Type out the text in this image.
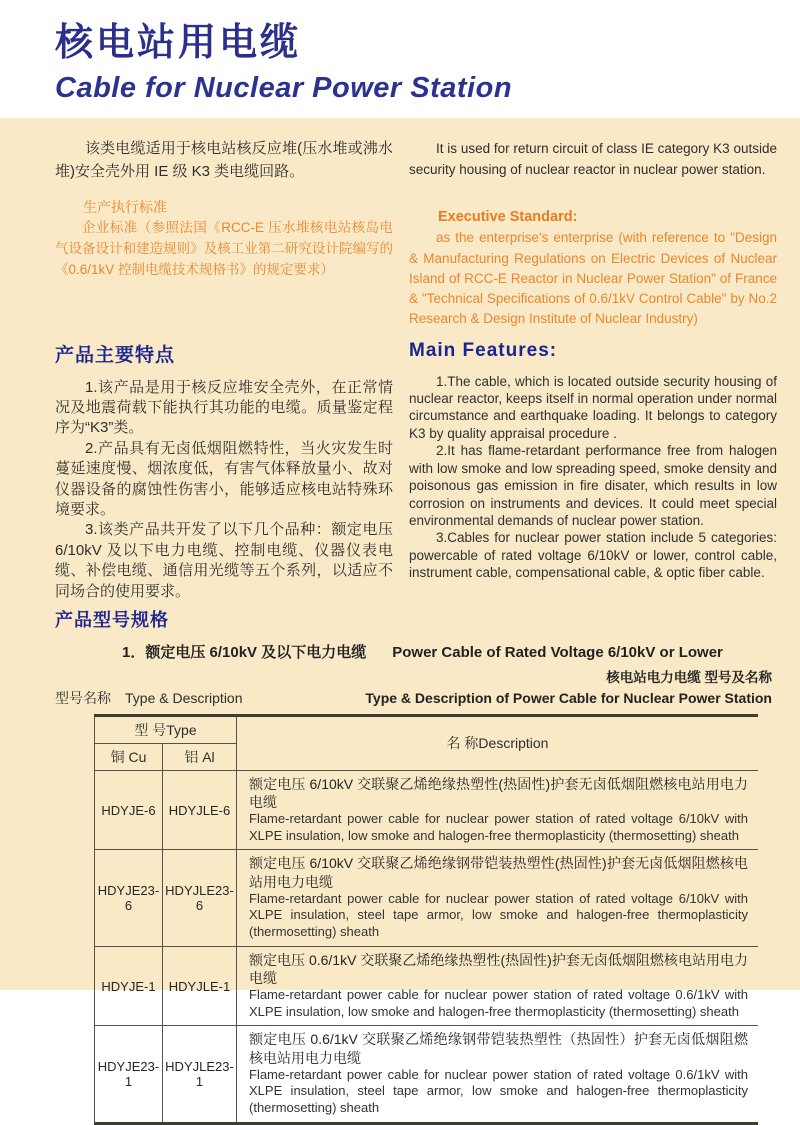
核电站用电缆
Cable for Nuclear Power Station

该类电缆适用于核电站核反应堆(压水堆或沸水堆)安全壳外用 IE 级 K3 类电缆回路。

生产执行标准

企业标准（参照法国《RCC-E 压水堆核电站核岛电气设备设计和建造规则》及核工业第二研究设计院编写的《0.6/1kV 控制电缆技术规格书》的规定要求）

It is used for return circuit of class IE category K3 outside security housing of nuclear reactor in nuclear power station.

Executive Standard:

as the enterprise's enterprise (with reference to "Design & Manufacturing Regulations on Electric Devices of Nuclear Island of RCC-E Reactor in Nuclear Power Station" of France & "Technical Specifications of 0.6/1kV Control Cable" by No.2 Research & Design Institute of Nuclear Industry)

产品主要特点

1.该产品是用于核反应堆安全壳外，在正常情况及地震荷载下能执行其功能的电缆。质量鉴定程序为“K3”类。

2.产品具有无卤低烟阻燃特性，当火灾发生时蔓延速度慢、烟浓度低，有害气体释放量小、故对仪器设备的腐蚀性伤害小，能够适应核电站特殊环境要求。

3.该类产品共开发了以下几个品种：额定电压 6/10kV 及以下电力电缆、控制电缆、仪器仪表电缆、补偿电缆、通信用光缆等五个系列，以适应不同场合的使用要求。

Main Features:

1.The cable, which is located outside security housing of nuclear reactor, keeps itself in normal operation under normal circumstance and earthquake loading. It belongs to category K3 by quality appraisal procedure .

2.It has flame-retardant performance free from halogen with low smoke and low spreading speed, smoke density and poisonous gas emission in fire disater, which results in low corrosion on instruments and devices. It could meet special environmental demands of nuclear power station.

3.Cables for nuclear power station include 5 categories: powercable of rated voltage 6/10kV or lower, control cable, instrument cable, compensational cable, & optic fiber cable.

产品型号规格

1．额定电压 6/10kV 及以下电力电缆 Power Cable of Rated Voltage 6/10kV or Lower

型号名称　Type & Description
核电站电力电缆 型号及名称
Type & Description of Power Cable for Nuclear Power Station
型 号Type		名 称Description
铜 Cu	铝 Al	
HDYJE-6	HDYJLE-6	额定电压 6/10kV 交联聚乙烯绝缘热塑性(热固性)护套无卤低烟阻燃核电站用电力电缆
Flame-retardant power cable for nuclear power station of rated voltage 6/10kV with XLPE insulation, low smoke and halogen-free thermoplasticity (thermosetting) sheath

HDYJE23-6	HDYJLE23-6	额定电压 6/10kV 交联聚乙烯绝缘钢带铠装热塑性(热固性)护套无卤低烟阻燃核电站用电力电缆
Flame-retardant power cable for nuclear power station of rated voltage 6/10kV with XLPE insulation, steel tape armor, low smoke and halogen-free thermoplasticity (thermosetting) sheath

HDYJE-1	HDYJLE-1	额定电压 0.6/1kV 交联聚乙烯绝缘热塑性(热固性)护套无卤低烟阻燃核电站用电力电缆
Flame-retardant power cable for nuclear power station of rated voltage 0.6/1kV with XLPE insulation, low smoke and halogen-free thermoplasticity (thermosetting) sheath

HDYJE23-1	HDYJLE23-1	额定电压 0.6/1kV 交联聚乙烯绝缘钢带铠装热塑性（热固性）护套无卤低烟阻燃核电站用电力电缆
Flame-retardant power cable for nuclear power station of rated voltage 0.6/1kV with XLPE insulation, steel tape armor, low smoke and halogen-free thermoplasticity (thermosetting) sheath
